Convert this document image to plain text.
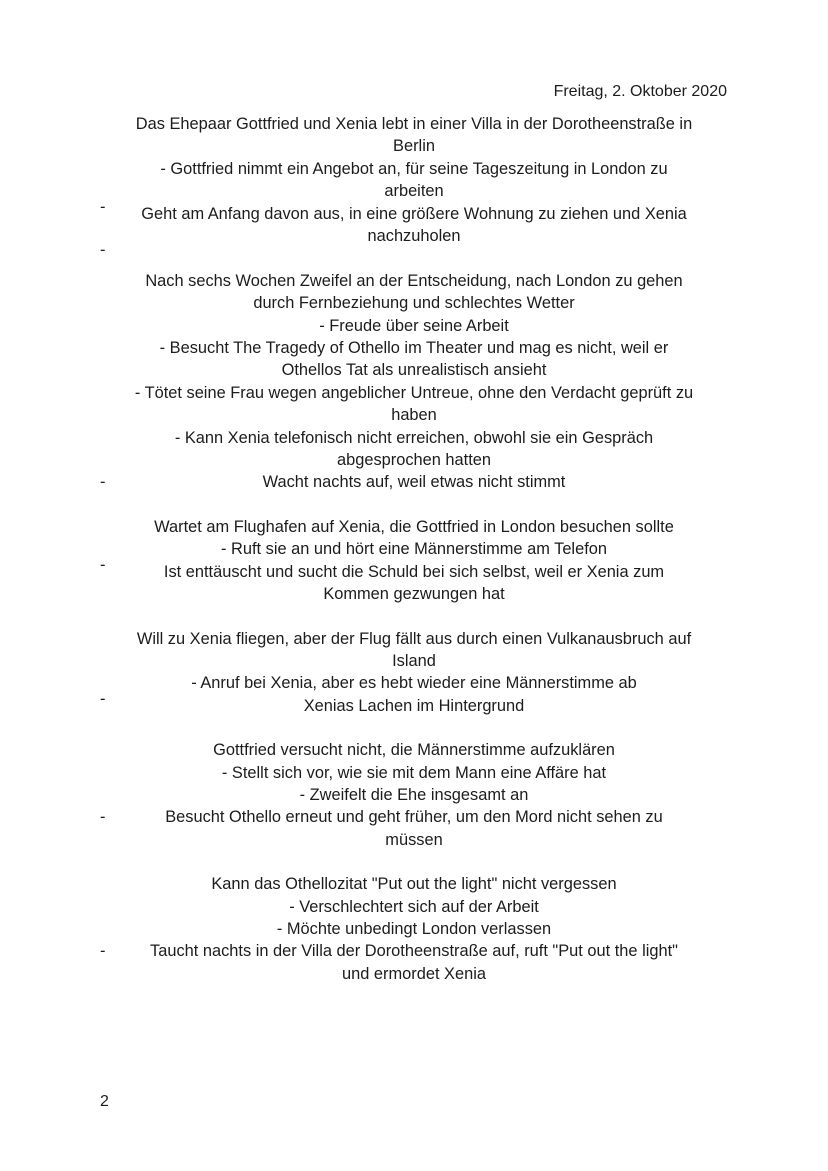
Freitag, 2. Oktober 2020
Das Ehepaar Gottfried und Xenia lebt in einer Villa in der Dorotheenstraße in
Berlin
- Gottfried nimmt ein Angebot an, für seine Tageszeitung in London zu
arbeiten
- Geht am Anfang davon aus, in eine größere Wohnung zu ziehen und Xenia
nachzuholen
-
Nach sechs Wochen Zweifel an der Entscheidung, nach London zu gehen
durch Fernbeziehung und schlechtes Wetter
- Freude über seine Arbeit
- Besucht The Tragedy of Othello im Theater und mag es nicht, weil er
Othellos Tat als unrealistisch ansieht
- Tötet seine Frau wegen angeblicher Untreue, ohne den Verdacht geprüft zu
haben
- Kann Xenia telefonisch nicht erreichen, obwohl sie ein Gespräch
abgesprochen hatten
-	Wacht nachts auf, weil etwas nicht stimmt
Wartet am Flughafen auf Xenia, die Gottfried in London besuchen sollte
- Ruft sie an und hört eine Männerstimme am Telefon
-	Ist enttäuscht und sucht die Schuld bei sich selbst, weil er Xenia zum
Kommen gezwungen hat
Will zu Xenia fliegen, aber der Flug fällt aus durch einen Vulkanausbruch auf
Island
- Anruf bei Xenia, aber es hebt wieder eine Männerstimme ab
-	Xenias Lachen im Hintergrund
Gottfried versucht nicht, die Männerstimme aufzuklären
- Stellt sich vor, wie sie mit dem Mann eine Affäre hat
- Zweifelt die Ehe insgesamt an
-	Besucht Othello erneut und geht früher, um den Mord nicht sehen zu
müssen
Kann das Othellozitat "Put out the light" nicht vergessen
- Verschlechtert sich auf der Arbeit
- Möchte unbedingt London verlassen
-	Taucht nachts in der Villa der Dorotheenstraße auf, ruft "Put out the light"
und ermordet Xenia
2
